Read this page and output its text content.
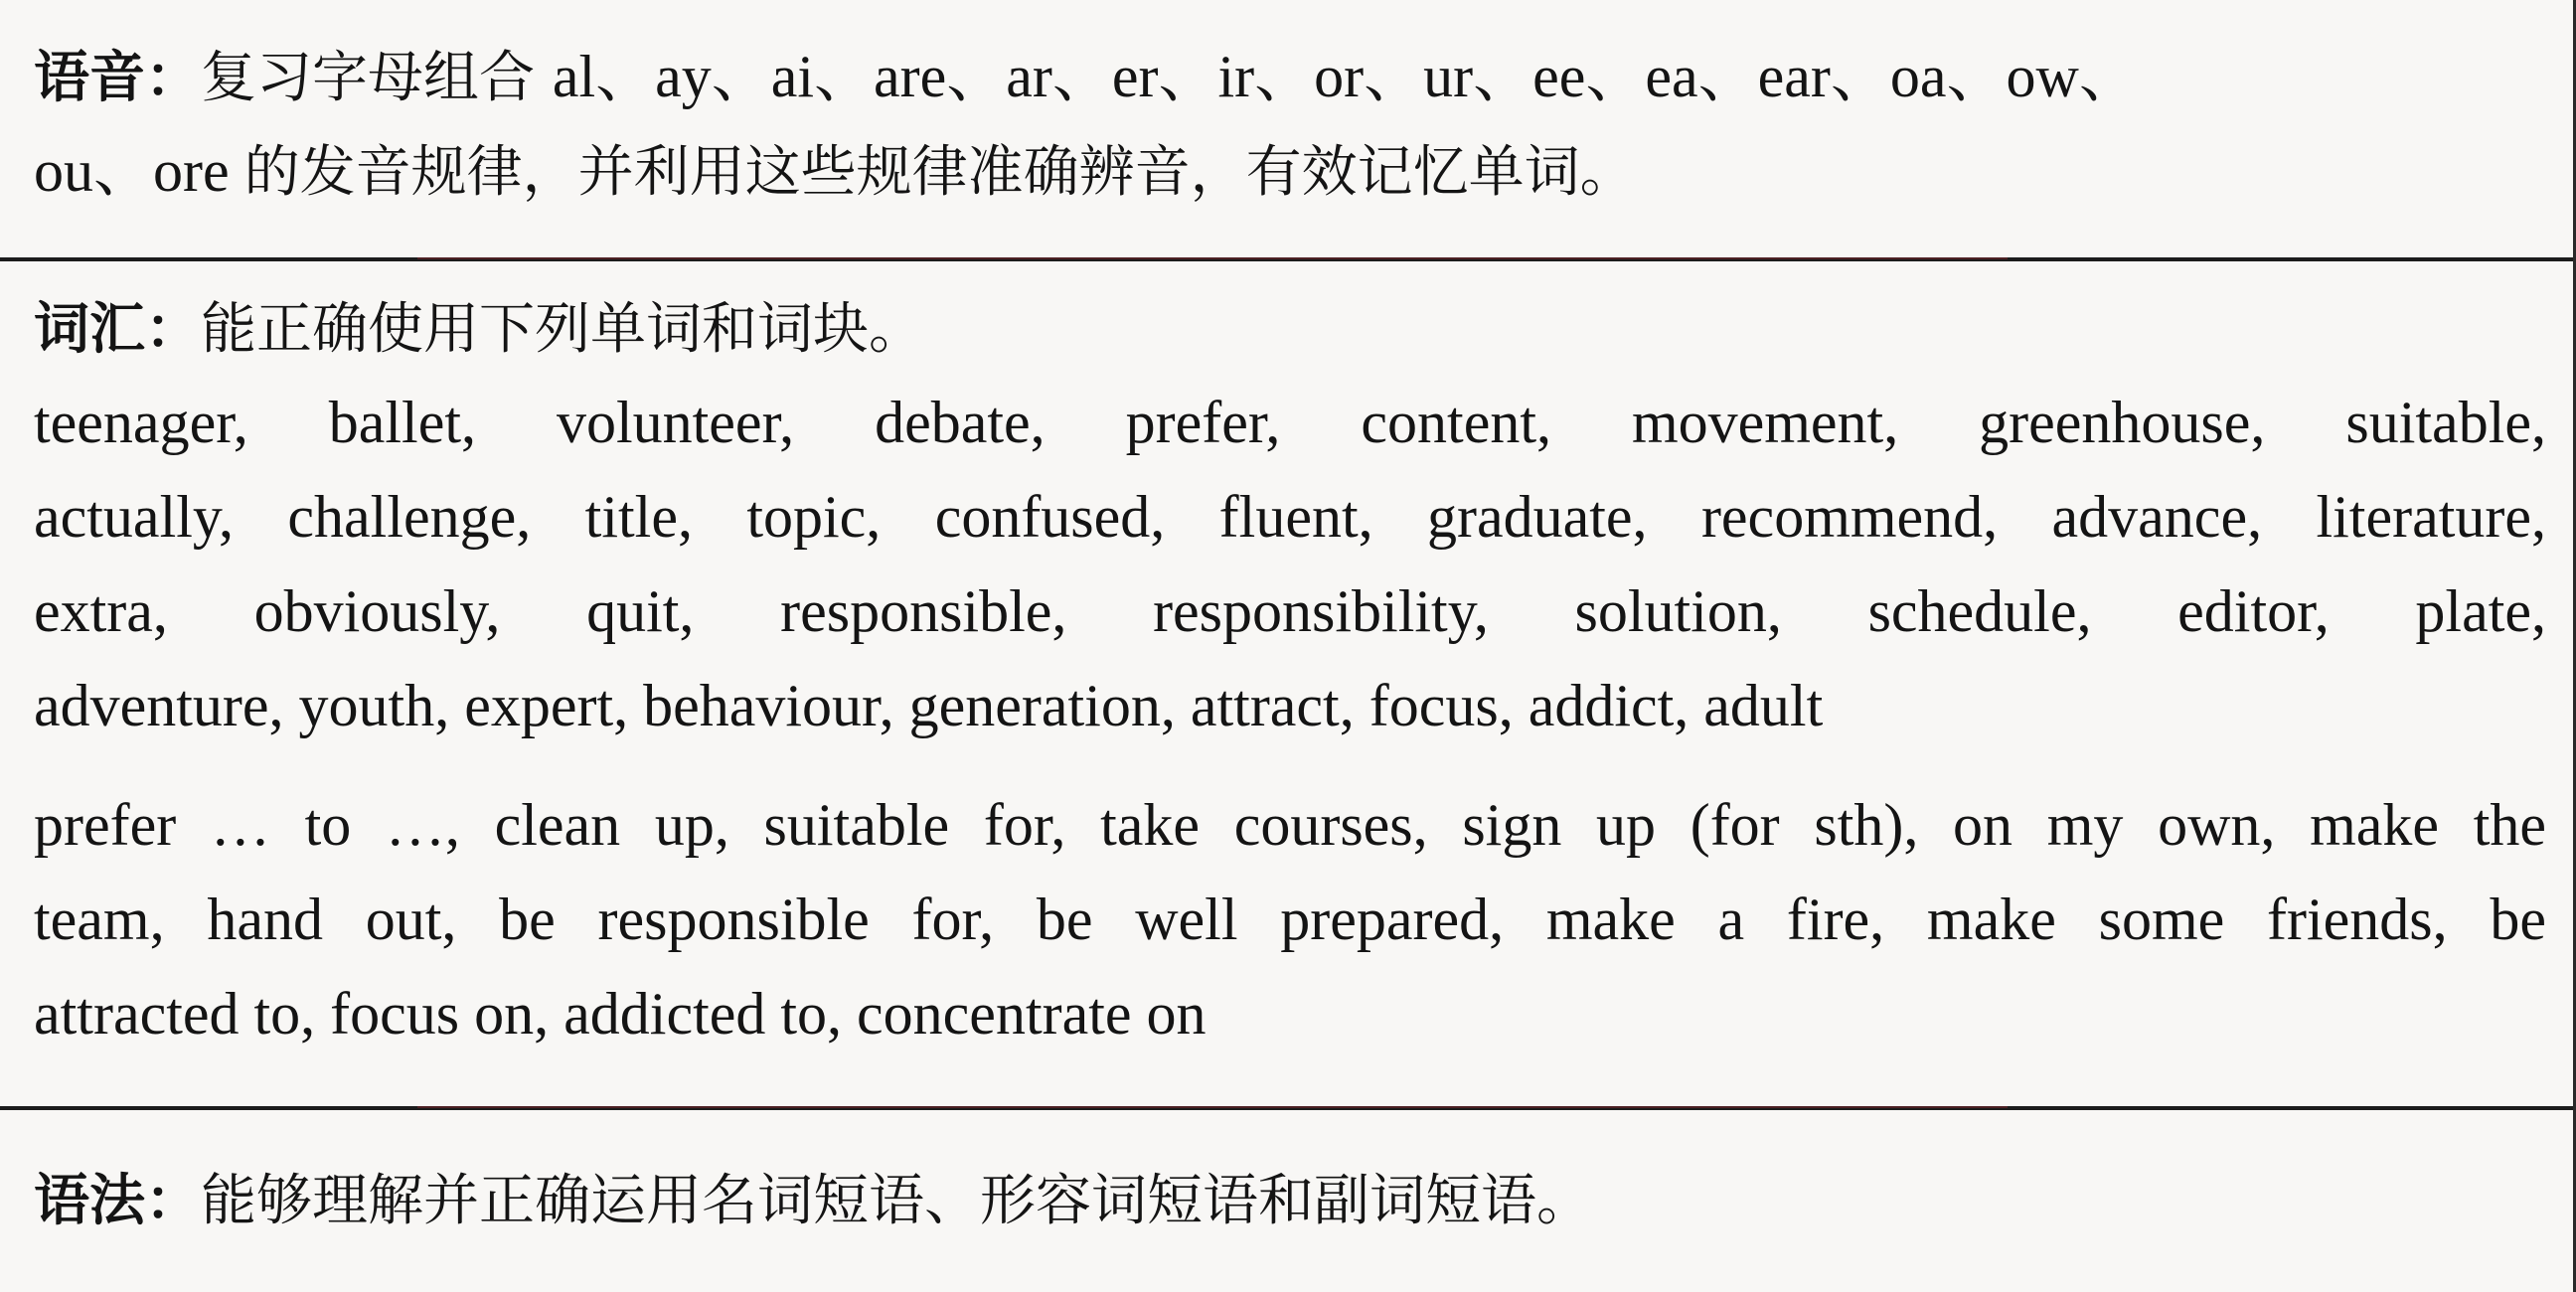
语音：复习字母组合 al、ay、ai、are、ar、er、ir、or、ur、ee、ea、ear、oa、ow、
ou、ore 的发音规律，并利用这些规律准确辨音，有效记忆单词。
词汇：能正确使用下列单词和词块。
teenager, ballet, volunteer, debate, prefer, content, movement, greenhouse, suitable,
actually, challenge, title, topic, confused, fluent, graduate, recommend, advance, literature,
extra, obviously, quit, responsible, responsibility, solution, schedule, editor, plate,
adventure, youth, expert, behaviour, generation, attract, focus, addict, adult
prefer … to …, clean up, suitable for, take courses, sign up (for sth), on my own, make the
team, hand out, be responsible for, be well prepared, make a fire, make some friends, be
attracted to, focus on, addicted to, concentrate on
语法：能够理解并正确运用名词短语、形容词短语和副词短语。
